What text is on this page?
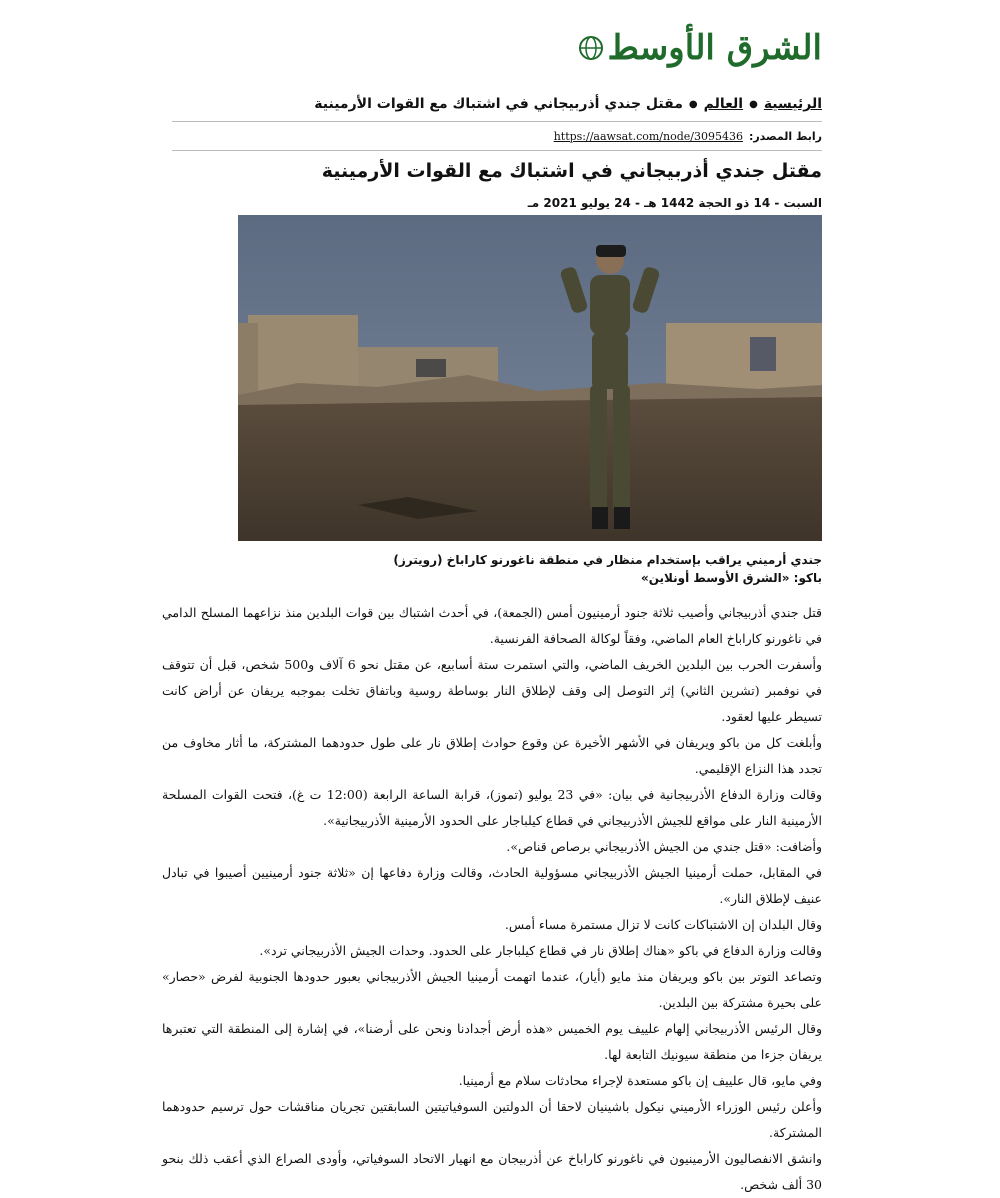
الشرق الأوسط
الرئيسية
●
العالم
●
مقتل جندي أذربيجاني في اشتباك مع القوات الأرمينية
رابط المصدر:
https://aawsat.com/node/3095436
مقتل جندي أذربيجاني في اشتباك مع القوات الأرمينية
السبت - 14 ذو الحجة 1442 هـ - 24 يوليو 2021 مـ
جندي أرميني يراقب بإستخدام منظار في منطقة ناغورنو كاراباخ (رويترز)
باكو: «الشرق الأوسط أونلاين»

قتل جندي أذربيجاني وأصيب ثلاثة جنود أرمينيون أمس (الجمعة)، في أحدث اشتباك بين قوات البلدين منذ نزاعهما المسلح الدامي في ناغورنو كاراباخ العام الماضي، وفقاً لوكالة الصحافة الفرنسية.

وأسفرت الحرب بين البلدين الخريف الماضي، والتي استمرت ستة أسابيع، عن مقتل نحو 6 آلاف و500 شخص، قبل أن تتوقف في نوفمبر (تشرين الثاني) إثر التوصل إلى وقف لإطلاق النار بوساطة روسية وباتفاق تخلت بموجبه يريفان عن أراض كانت تسيطر عليها لعقود.

وأبلغت كل من باكو ويريفان في الأشهر الأخيرة عن وقوع حوادث إطلاق نار على طول حدودهما المشتركة، ما أثار مخاوف من تجدد هذا النزاع الإقليمي.

وقالت وزارة الدفاع الأذربيجانية في بيان: «في 23 يوليو (تموز)، قرابة الساعة الرابعة (12:00 ت غ)، فتحت القوات المسلحة الأرمينية النار على مواقع للجيش الأذربيجاني في قطاع كيلباجار على الحدود الأرمينية الأذربيجانية».

وأضافت: «قتل جندي من الجيش الأذربيجاني برصاص قناص».

في المقابل، حملت أرمينيا الجيش الأذربيجاني مسؤولية الحادث، وقالت وزارة دفاعها إن «ثلاثة جنود أرمينيين أصيبوا في تبادل عنيف لإطلاق النار».

وقال البلدان إن الاشتباكات كانت لا تزال مستمرة مساء أمس.

وقالت وزارة الدفاع في باكو «هناك إطلاق نار في قطاع كيلباجار على الحدود. وحدات الجيش الأذربيجاني ترد».

وتصاعد التوتر بين باكو ويريفان منذ مايو (أيار)، عندما اتهمت أرمينيا الجيش الأذربيجاني بعبور حدودها الجنوبية لفرض «حصار» على بحيرة مشتركة بين البلدين.

وقال الرئيس الأذربيجاني إلهام علييف يوم الخميس «هذه أرض أجدادنا ونحن على أرضنا»، في إشارة إلى المنطقة التي تعتبرها يريفان جزءا من منطقة سيونيك التابعة لها.

وفي مايو، قال علييف إن باكو مستعدة لإجراء محادثات سلام مع أرمينيا.

وأعلن رئيس الوزراء الأرميني نيكول باشينيان لاحقا أن الدولتين السوفياتيتين السابقتين تجريان مناقشات حول ترسيم حدودهما المشتركة.

وانشق الانفصاليون الأرمينيون في ناغورنو كاراباخ عن أذربيجان مع انهيار الاتحاد السوفياتي، وأودى الصراع الذي أعقب ذلك بنحو 30 ألف شخص.
